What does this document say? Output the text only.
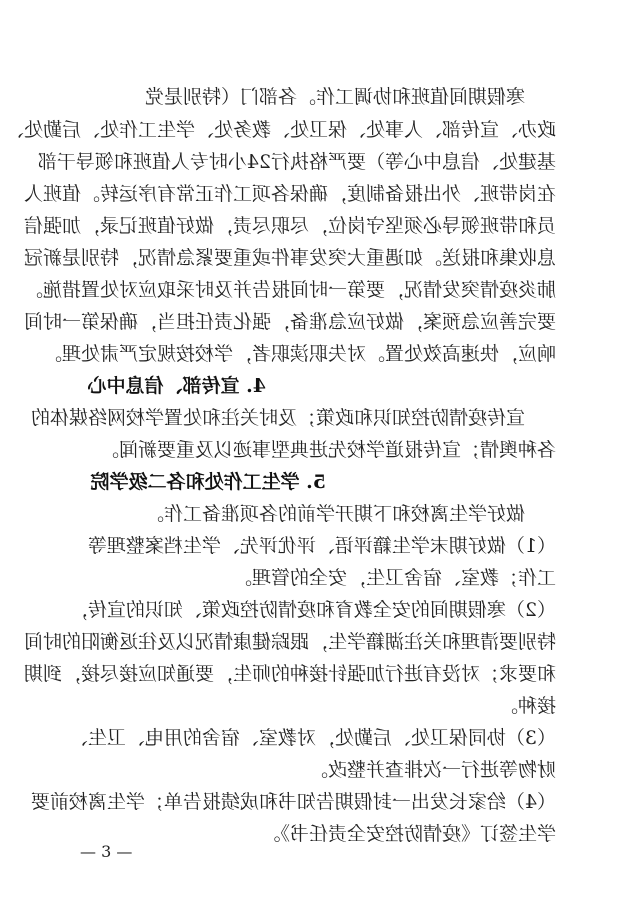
寒假期间值班和协调工作。各部门（特别是党
政办、宣传部、人事处、保卫处、教务处、学生工作处、后勤处、
基建处、信息中心等）要严格执行24小时专人值班和领导干部
在岗带班、外出报备制度，确保各项工作正常有序运转。值班人
员和带班领导必须坚守岗位，尽职尽责，做好值班记录，加强信
息收集和报送。如遇重大突发事件或重要紧急情况，特别是新冠
肺炎疫情突发情况，要第一时间报告并及时采取应对处置措施。
要完善应急预案，做好应急准备，强化责任担当，确保第一时间
响应，快速高效处置。对失职渎职者，学校按规定严肃处理。
4. 宣传部、信息中心
宣传疫情防控知识和政策；及时关注和处置学校网络媒体的
各种舆情；宣传报道学校先进典型事迹以及重要新闻。
5. 学生工作处和各二级学院
做好学生离校和下期开学前的各项准备工作。
（1）做好期末学生籍评语、评优评先、学生档案整理等
工作；教室、宿舍卫生，安全的管理。
（2）寒假期间的安全教育和疫情防控政策、知识的宣传，
特别要清理和关注湖籍学生，跟踪健康情况以及往返衡阳的时间
和要求；对没有进行加强针接种的师生，要通知应接尽接，到期
接种。
（3）协同保卫处、后勤处，对教室、宿舍的用电、卫生、
财物等进行一次排查并整改。
（4）给家长发出一封假期告知书和成绩报告单；学生离校前要
学生签订《疫情防控安全责任书》。
— 3 —
